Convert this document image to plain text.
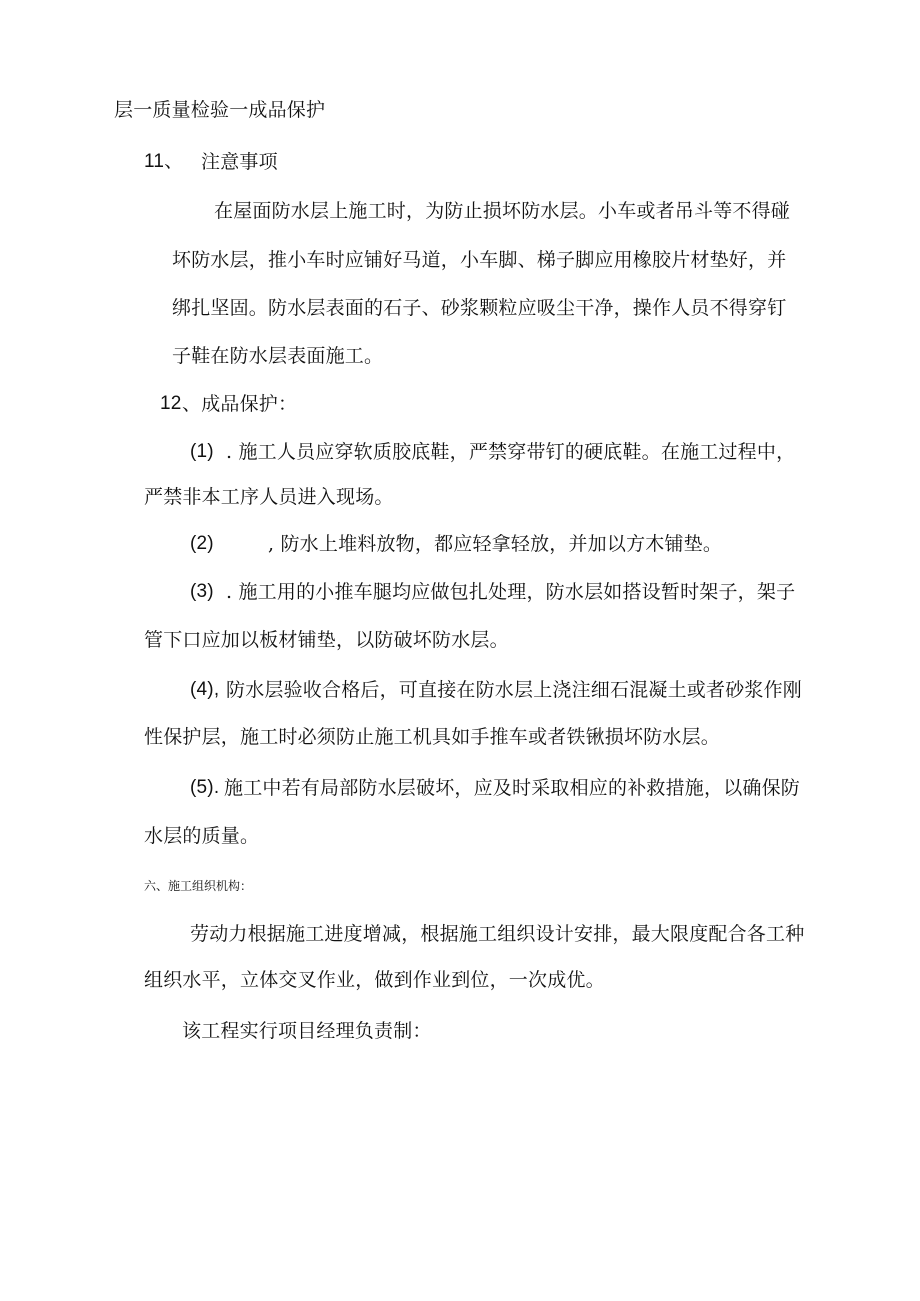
层一质量检验一成品保护
11、 注意事项
在屋面防水层上施工时，为防止损坏防水层。小车或者吊斗等不得碰
坏防水层，推小车时应铺好马道，小车脚、梯子脚应用橡胶片材垫好，并
绑扎坚固。防水层表面的石子、砂浆颗粒应吸尘干净，操作人员不得穿钉
子鞋在防水层表面施工。
12 、成品保护：
(1) . 施工人员应穿软质胶底鞋，严禁穿带钉的硬底鞋。在施工过程中，
严禁非本工序人员进入现场。
(2)	, 防水上堆料放物，都应轻拿轻放，并加以方木铺垫。
(3) . 施工用的小推车腿均应做包扎处理，防水层如搭设暂时架子，架子
管下口应加以板材铺垫，以防破坏防水层。
(4), 防水层验收合格后，可直接在防水层上浇注细石混凝土或者砂浆作刚
性保护层，施工时必须防止施工机具如手推车或者铁锹损坏防水层。
(5). 施工中若有局部防水层破坏，应及时采取相应的补救措施，以确保防
水层的质量。
六、施工组织机构：
劳动力根据施工进度增减，根据施工组织设计安排，最大限度配合各工种
组织水平，立体交叉作业，做到作业到位，一次成优。
该工程实行项目经理负责制：
